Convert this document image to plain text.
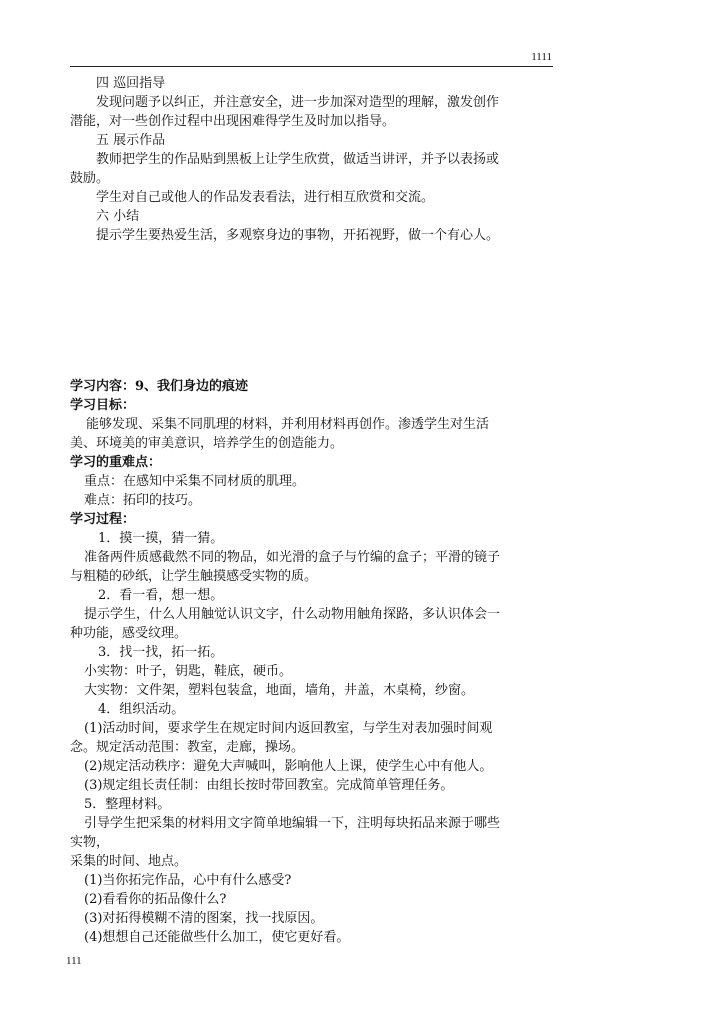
1111
四 巡回指导
发现问题予以纠正，并注意安全，进一步加深对造型的理解，激发创作
潜能，对一些创作过程中出现困难得学生及时加以指导。
五 展示作品
教师把学生的作品贴到黑板上让学生欣赏，做适当讲评，并予以表扬或
鼓励。
学生对自己或他人的作品发表看法，进行相互欣赏和交流。
六 小结
提示学生要热爱生活，多观察身边的事物，开拓视野，做一个有心人。
学习内容：9、我们身边的痕迹
学习目标：
能够发现、采集不同肌理的材料，并利用材料再创作。渗透学生对生活
美、环境美的审美意识，培养学生的创造能力。
学习的重难点：
重点：在感知中采集不同材质的肌理。
难点：拓印的技巧。
学习过程：
1．摸一摸，猜一猜。
准备两件质感截然不同的物品，如光滑的盒子与竹编的盒子；平滑的镜子
与粗糙的砂纸，让学生触摸感受实物的质。
2．看一看，想一想。
提示学生，什么人用触觉认识文字，什么动物用触角探路，多认识体会一
种功能，感受纹理。
3．找一找，拓一拓。
小实物：叶子，钥匙，鞋底，硬币。
大实物：文件架，塑料包装盒，地面，墙角，井盖，木桌椅，纱窗。
4．组织活动。
(1)活动时间，要求学生在规定时间内返回教室，与学生对表加强时间观
念。规定活动范围：教室，走廊，操场。
(2)规定活动秩序：避免大声喊叫，影响他人上课，使学生心中有他人。
(3)规定组长责任制：由组长按时带回教室。完成简单管理任务。
5．整理材料。
引导学生把采集的材料用文字简单地编辑一下，注明每块拓品来源于哪些
实物，
采集的时间、地点。
(1)当你拓完作品，心中有什么感受?
(2)看看你的拓品像什么?
(3)对拓得模糊不清的图案，找一找原因。
(4)想想自己还能做些什么加工，使它更好看。
111
